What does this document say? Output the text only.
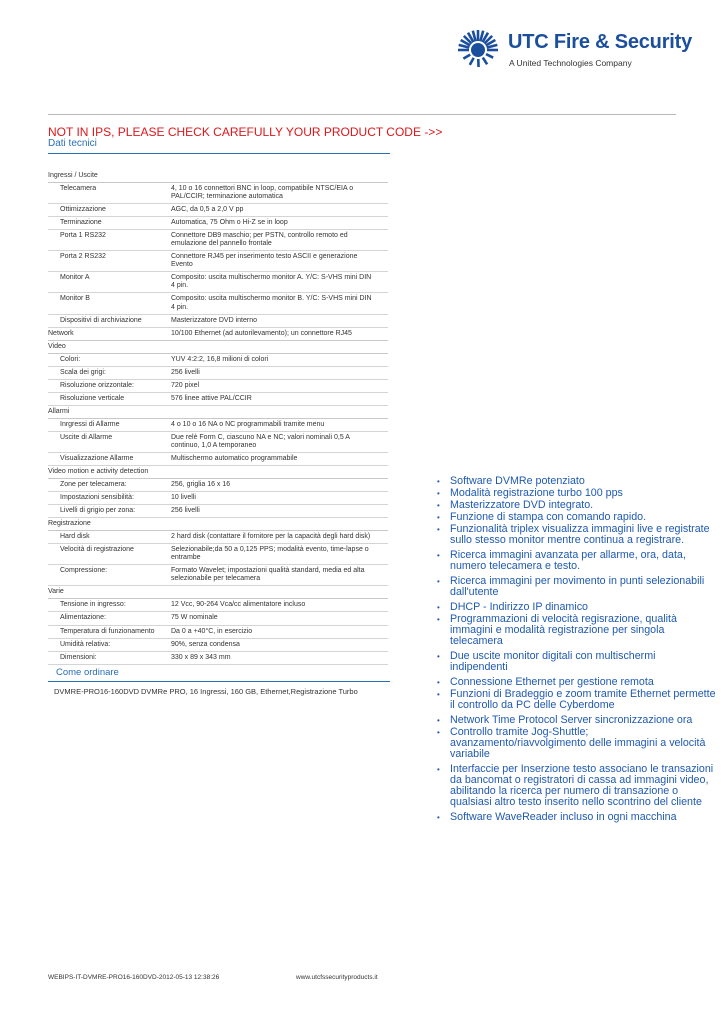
UTC Fire & Security
A United Technologies Company
NOT IN IPS, PLEASE CHECK CAREFULLY YOUR PRODUCT CODE ->>
Dati tecnici
Ingressi / Uscite
Telecamera	4, 10 o 16 connettori BNC in loop, compatibile NTSC/EIA o PAL/CCIR; terminazione automatica
Ottimizzazione	AGC, da 0,5 a 2,0 V pp
Terminazione	Automatica, 75 Ohm o Hi-Z se in loop
Porta 1 RS232	Connettore DB9 maschio; per PSTN, controllo remoto ed emulazione del pannello frontale
Porta 2 RS232	Connettore RJ45 per inserimento testo ASCII e generazione Evento
Monitor A	Composito: uscita multischermo monitor A. Y/C: S-VHS mini DIN 4 pin.
Monitor B	Composito: uscita multischermo monitor B. Y/C: S-VHS mini DIN 4 pin.
Dispositivi di archiviazione	Masterizzatore DVD interno
Network	10/100 Ethernet (ad autorilevamento); un connettore RJ45
Video
Colori:	YUV 4:2:2, 16,8 milioni di colori
Scala dei grigi:	256 livelli
Risoluzione orizzontale:	720 pixel
Risoluzione verticale	576 linee attive PAL/CCIR
Allarmi
Inrgressi di Allarme	4 o 10 o 16 NA o NC programmabili tramite menu
Uscite di Allarme	Due relè Form C, ciascuno NA e NC; valori nominali 0,5 A continuo, 1,0 A temporaneo
Visualizzazione Allarme	Multischermo automatico programmabile
Video motion e activity detection
Zone per telecamera:	256, griglia 16 x 16
Impostazioni sensibilità:	10 livelli
Livelli di grigio per zona:	256 livelli
Registrazione
Hard disk	2 hard disk (contattare il fornitore per la capacità degli hard disk)
Velocità di registrazione	Selezionabile;da 50 a 0,125 PPS; modalità evento, time-lapse o entrambe
Compressione:	Formato Wavelet; impostazioni qualità standard, media ed alta selezionabile per telecamera
Varie
Tensione in ingresso:	12 Vcc, 90-264 Vca/cc alimentatore incluso
Alimentazione:	75 W nominale
Temperatura di funzionamento	Da 0 a +40°C, in esercizio
Umidità relativa:	90%, senza condensa
Dimensioni:	330 x 89 x 343 mm
Come ordinare
DVMRE-PRO16-160DVD DVMRe PRO, 16 Ingressi, 160 GB, Ethernet,Registrazione Turbo
• Software DVMRe potenziato
• Modalità registrazione turbo 100 pps
• Masterizzatore DVD integrato.
• Funzione di stampa con comando rapido.
• Funzionalità triplex visualizza immagini live e registrate sullo stesso monitor mentre continua a registrare.
• Ricerca immagini avanzata per allarme, ora, data, numero telecamera e testo.
• Ricerca immagini per movimento in punti selezionabili dall'utente
• DHCP - Indirizzo IP dinamico
• Programmazioni di velocità regisrazione, qualità immagini e modalità registrazione per singola telecamera
• Due uscite monitor digitali con multischermi indipendenti
• Connessione Ethernet per gestione remota
• Funzioni di Bradeggio e zoom tramite Ethernet permette il controllo da PC delle Cyberdome
• Network Time Protocol Server sincronizzazione ora
• Controllo tramite Jog-Shuttle; avanzamento/riavvolgimento delle immagini a velocità variabile
• Interfaccie per Inserzione testo associano le transazioni da bancomat o registratori di cassa ad immagini video, abilitando la ricerca per numero di transazione o qualsiasi altro testo inserito nello scontrino del cliente
• Software WaveReader incluso in ogni macchina
WEBIPS-IT-DVMRE-PRO16-160DVD-2012-05-13 12:38:26	www.utcfssecurityproducts.it
